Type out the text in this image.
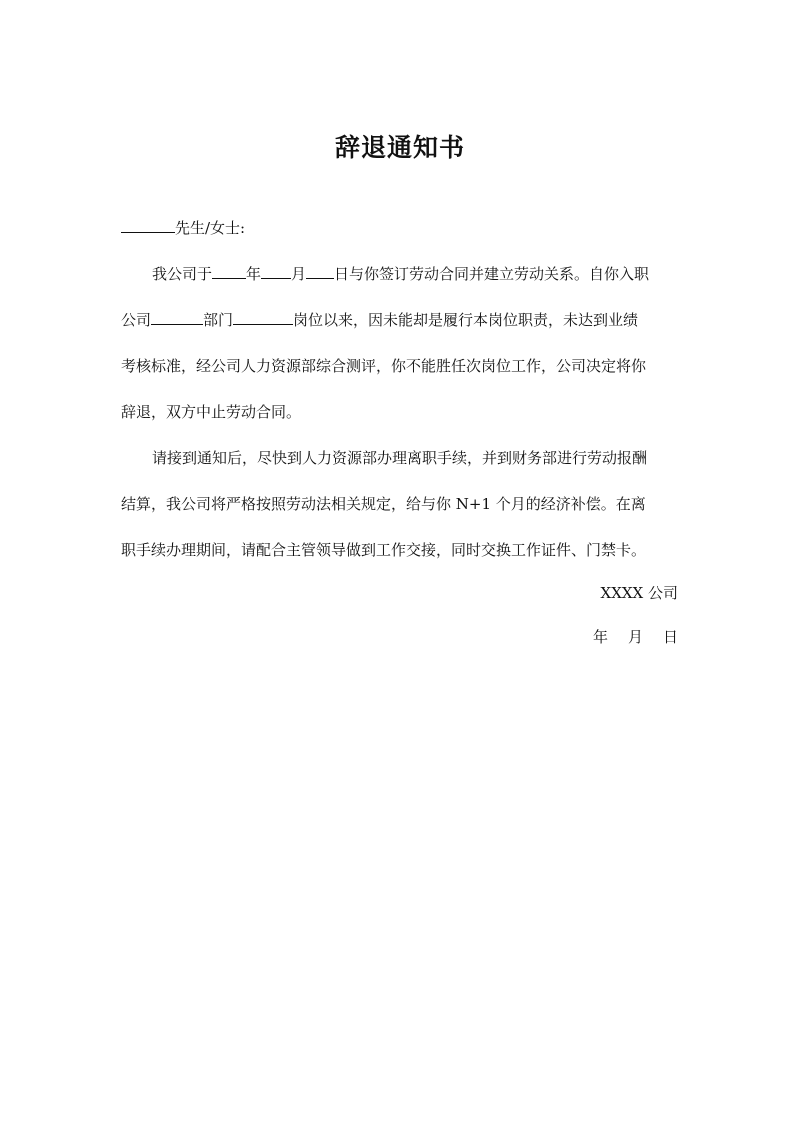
辞退通知书
先生/女士:
我公司于 年 月 日与你签订劳动合同并建立劳动关系。自你入职
公司	部门	岗位以来，因未能却是履行本岗位职责，未达到业绩
考核标准，经公司人力资源部综合测评，你不能胜任次岗位工作，公司决定将你
辞退，双方中止劳动合同。
请接到通知后，尽快到人力资源部办理离职手续，并到财务部进行劳动报酬
结算，我公司将严格按照劳动法相关规定，给与你 N+1 个月的经济补偿。在离
职手续办理期间，请配合主管领导做到工作交接，同时交换工作证件、门禁卡。
XXXX 公司
年 月 日
